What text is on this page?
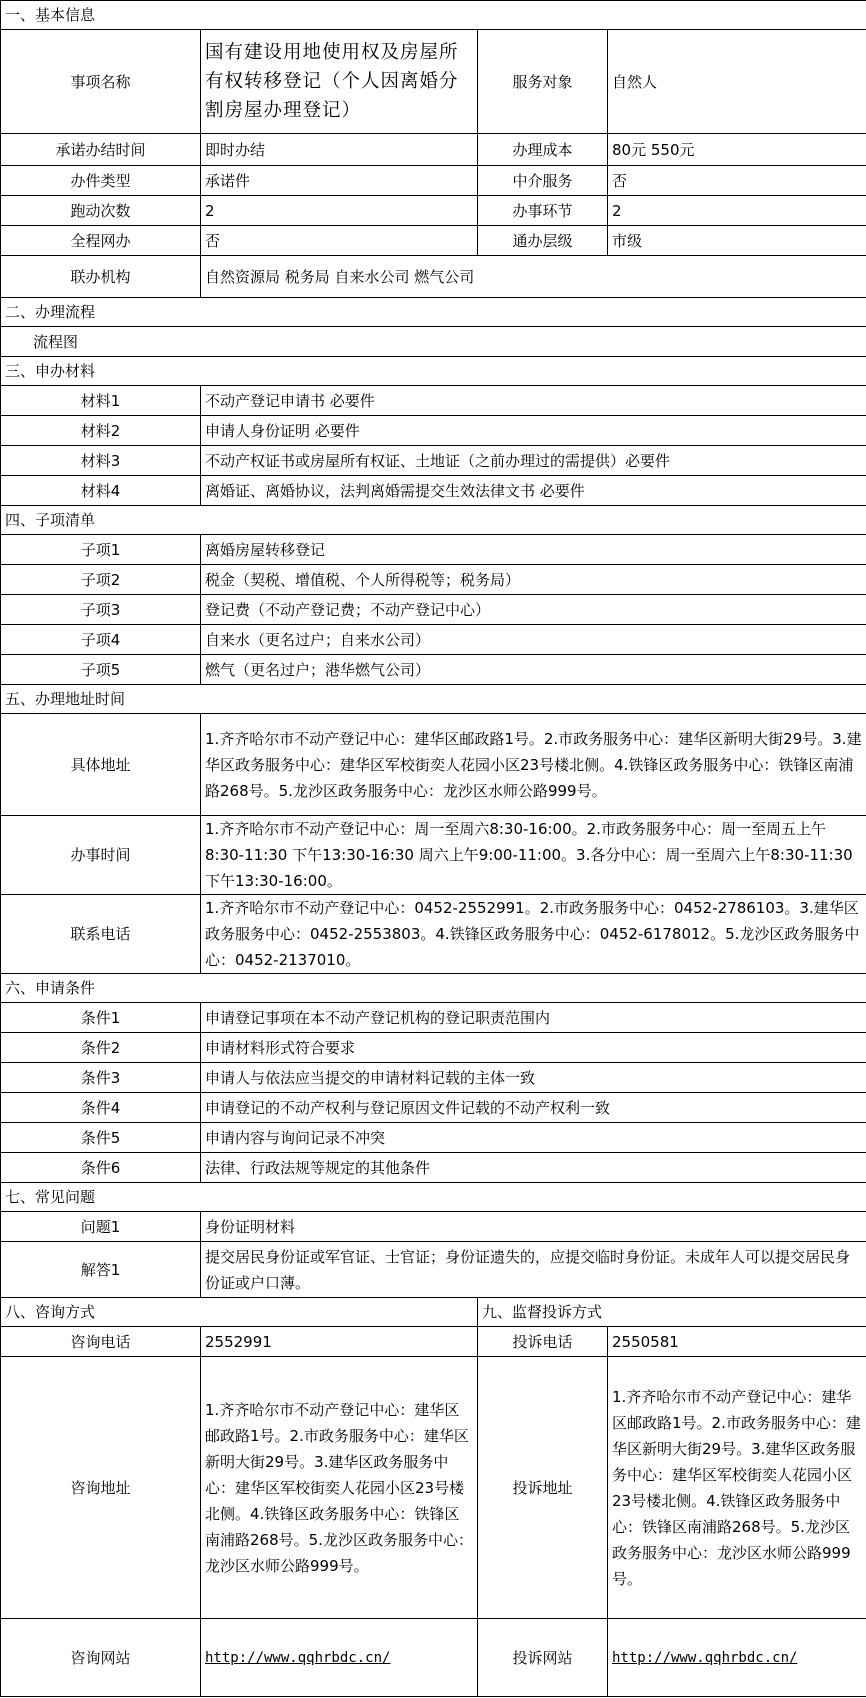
一、基本信息			
事项名称	国有建设用地使用权及房屋所有权转移登记（个人因离婚分割房屋办理登记）	服务对象	自然人
承诺办结时间	即时办结	办理成本	80元 550元
办件类型	承诺件	中介服务	否
跑动次数	2	办事环节	2
全程网办	否	通办层级	市级
联办机构	自然资源局 税务局 自来水公司 燃气公司		
二、办理流程			
流程图			
三、申办材料			
材料1	不动产登记申请书 必要件		
材料2	申请人身份证明 必要件		
材料3	不动产权证书或房屋所有权证、土地证（之前办理过的需提供）必要件		
材料4	离婚证、离婚协议，法判离婚需提交生效法律文书 必要件		
四、子项清单			
子项1	离婚房屋转移登记		
子项2	税金（契税、增值税、个人所得税等；税务局）		
子项3	登记费（不动产登记费；不动产登记中心）		
子项4	自来水（更名过户；自来水公司）		
子项5	燃气（更名过户；港华燃气公司）		
五、办理地址时间			
具体地址	1.齐齐哈尔市不动产登记中心：建华区邮政路1号。2.市政务服务中心：建华区新明大街29号。3.建华区政务服务中心：建华区军校街奕人花园小区23号楼北侧。4.铁锋区政务服务中心：铁锋区南浦路268号。5.龙沙区政务服务中心：龙沙区水师公路999号。		
办事时间	1.齐齐哈尔市不动产登记中心：周一至周六8:30-16:00。2.市政务服务中心：周一至周五上午8:30-11:30 下午13:30-16:30 周六上午9:00-11:00。3.各分中心：周一至周六上午8:30-11:30 下午13:30-16:00。		
联系电话	1.齐齐哈尔市不动产登记中心：0452-2552991。2.市政务服务中心：0452-2786103。3.建华区政务服务中心：0452-2553803。4.铁锋区政务服务中心：0452-6178012。5.龙沙区政务服务中心：0452-2137010。		
六、申请条件			
条件1	申请登记事项在本不动产登记机构的登记职责范围内		
条件2	申请材料形式符合要求		
条件3	申请人与依法应当提交的申请材料记载的主体一致		
条件4	申请登记的不动产权利与登记原因文件记载的不动产权利一致		
条件5	申请内容与询问记录不冲突		
条件6	法律、行政法规等规定的其他条件		
七、常见问题			
问题1	身份证明材料		
解答1	提交居民身份证或军官证、士官证；身份证遗失的，应提交临时身份证。未成年人可以提交居民身份证或户口薄。		
八、咨询方式		九、监督投诉方式	
咨询电话	2552991	投诉电话	2550581
咨询地址	1.齐齐哈尔市不动产登记中心：建华区邮政路1号。2.市政务服务中心：建华区新明大街29号。3.建华区政务服务中心：建华区军校街奕人花园小区23号楼北侧。4.铁锋区政务服务中心：铁锋区南浦路268号。5.龙沙区政务服务中心：龙沙区水师公路999号。	投诉地址	1.齐齐哈尔市不动产登记中心：建华区邮政路1号。2.市政务服务中心：建华区新明大街29号。3.建华区政务服务中心：建华区军校街奕人花园小区23号楼北侧。4.铁锋区政务服务中心：铁锋区南浦路268号。5.龙沙区政务服务中心：龙沙区水师公路999号。
咨询网站	http://www.qqhrbdc.cn/	投诉网站	http://www.qqhrbdc.cn/
